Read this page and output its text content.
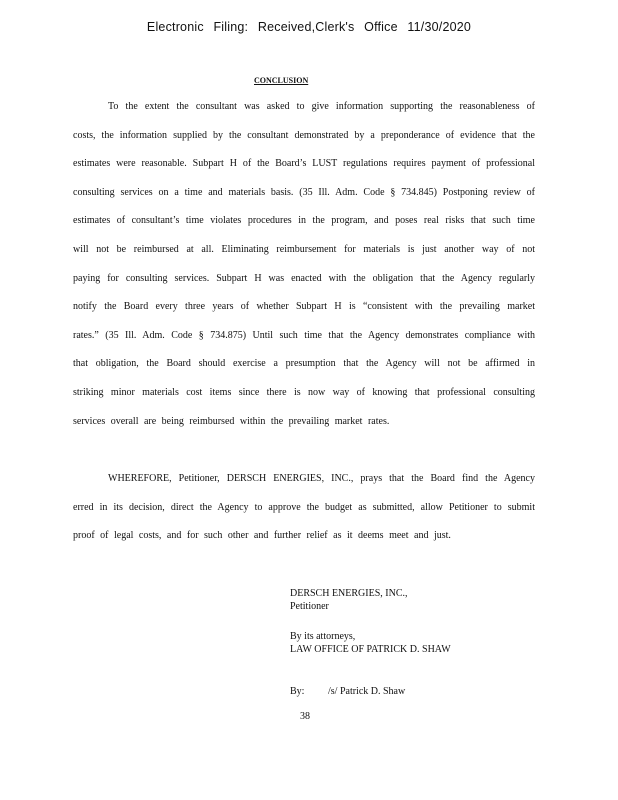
Electronic Filing: Received,Clerk's Office 11/30/2020
CONCLUSION

To the extent the consultant was asked to give information supporting the reasonableness of costs, the information supplied by the consultant demonstrated by a preponderance of evidence that the estimates were reasonable. Subpart H of the Board’s LUST regulations requires payment of professional consulting services on a time and materials basis. (35 Ill. Adm. Code § 734.845) Postponing review of estimates of consultant’s time violates procedures in the program, and poses real risks that such time will not be reimbursed at all. Eliminating reimbursement for materials is just another way of not paying for consulting services. Subpart H was enacted with the obligation that the Agency regularly notify the Board every three years of whether Subpart H is “consistent with the prevailing market rates.” (35 Ill. Adm. Code § 734.875) Until such time that the Agency demonstrates compliance with that obligation, the Board should exercise a presumption that the Agency will not be affirmed in striking minor materials cost items since there is now way of knowing that professional consulting services overall are being reimbursed within the prevailing market rates.

WHEREFORE, Petitioner, DERSCH ENERGIES, INC., prays that the Board find the Agency erred in its decision, direct the Agency to approve the budget as submitted, allow Petitioner to submit proof of legal costs, and for such other and further relief as it deems meet and just.

DERSCH ENERGIES, INC.,
Petitioner
By its attorneys,
LAW OFFICE OF PATRICK D. SHAW
By: /s/ Patrick D. Shaw
38
